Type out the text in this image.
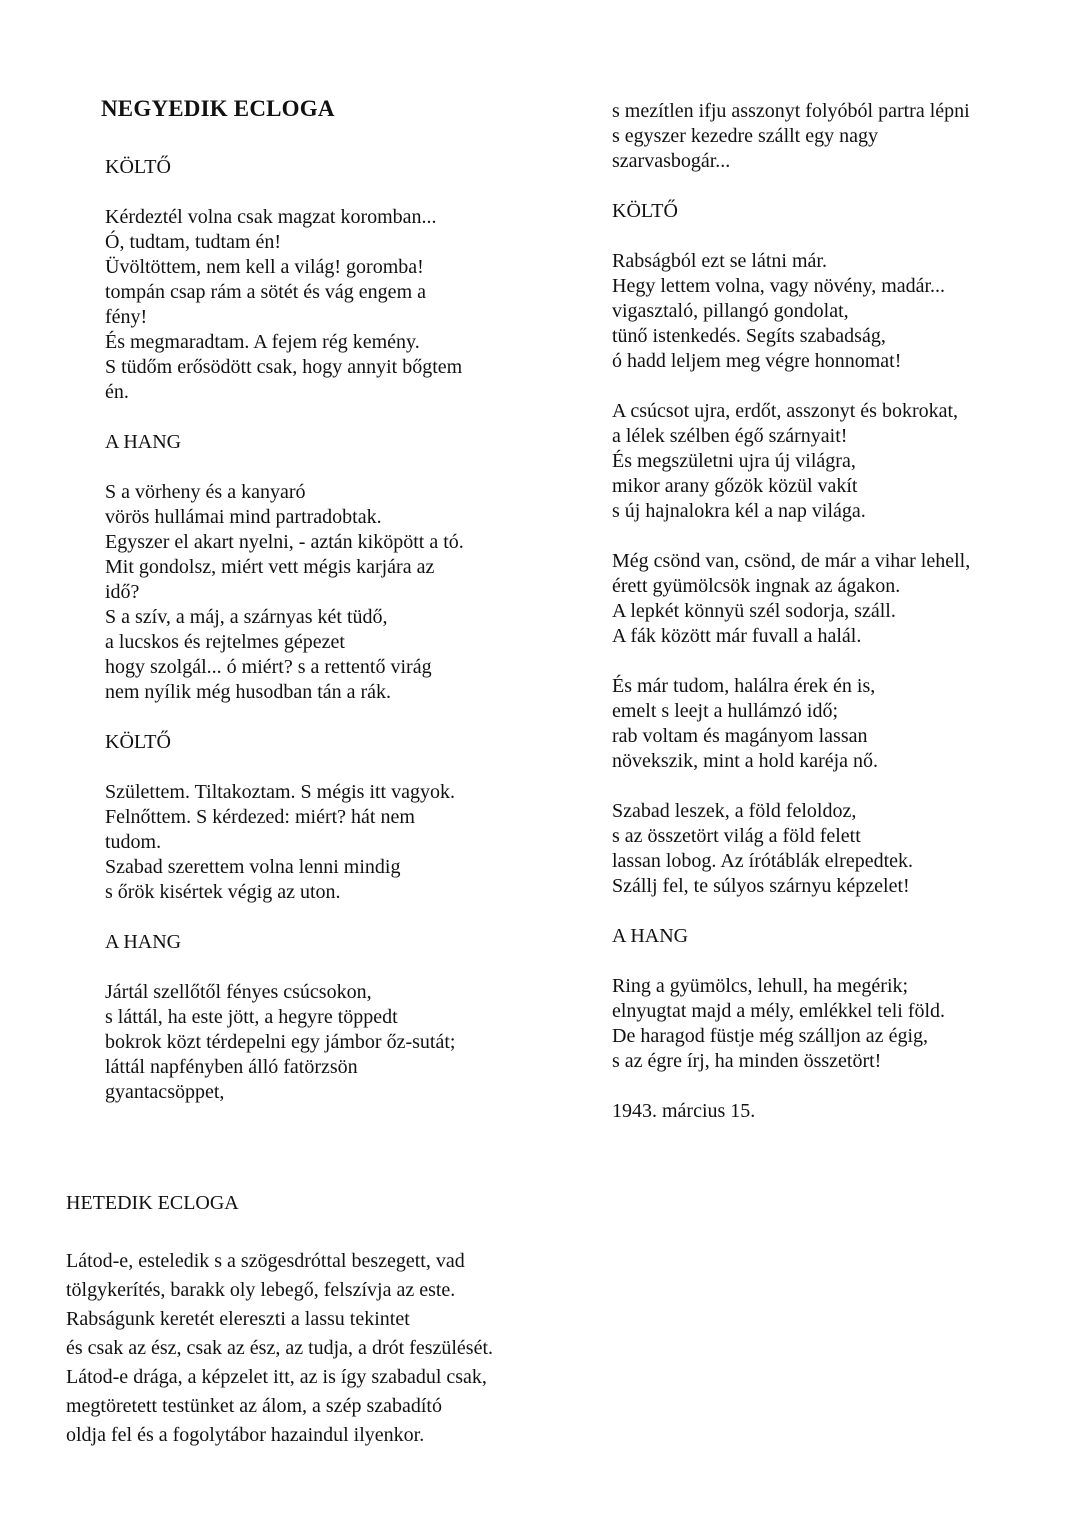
NEGYEDIK ECLOGA

KÖLTŐ

Kérdeztél volna csak magzat koromban...
Ó, tudtam, tudtam én!
Üvöltöttem, nem kell a világ! goromba!
tompán csap rám a sötét és vág engem a
fény!
És megmaradtam. A fejem rég kemény.
S tüdőm erősödött csak, hogy annyit bőgtem
én.

A HANG

S a vörheny és a kanyaró
vörös hullámai mind partradobtak.
Egyszer el akart nyelni, - aztán kiköpött a tó.
Mit gondolsz, miért vett mégis karjára az
idő?
S a szív, a máj, a szárnyas két tüdő,
a lucskos és rejtelmes gépezet
hogy szolgál... ó miért? s a rettentő virág
nem nyílik még husodban tán a rák.

KÖLTŐ

Születtem. Tiltakoztam. S mégis itt vagyok.
Felnőttem. S kérdezed: miért? hát nem
tudom.
Szabad szerettem volna lenni mindig
s őrök kisértek végig az uton.

A HANG

Jártál szellőtől fényes csúcsokon,
s láttál, ha este jött, a hegyre töppedt
bokrok közt térdepelni egy jámbor őz-sutát;
láttál napfényben álló fatörzsön
gyantacsöppet,
s mezítlen ifju asszonyt folyóból partra lépni
s egyszer kezedre szállt egy nagy
szarvasbogár...

KÖLTŐ

Rabságból ezt se látni már.
Hegy lettem volna, vagy növény, madár...
vigasztaló, pillangó gondolat,
tünő istenkedés. Segíts szabadság,
ó hadd leljem meg végre honnomat!
A csúcsot ujra, erdőt, asszonyt és bokrokat,
a lélek szélben égő szárnyait!
És megszületni ujra új világra,
mikor arany gőzök közül vakít
s új hajnalokra kél a nap világa.
Még csönd van, csönd, de már a vihar lehell,
érett gyümölcsök ingnak az ágakon.
A lepkét könnyü szél sodorja, száll.
A fák között már fuvall a halál.
És már tudom, halálra érek én is,
emelt s leejt a hullámzó idő;
rab voltam és magányom lassan
növekszik, mint a hold karéja nő.
Szabad leszek, a föld feloldoz,
s az összetört világ a föld felett
lassan lobog. Az írótáblák elrepedtek.
Szállj fel, te súlyos szárnyu képzelet!

A HANG

Ring a gyümölcs, lehull, ha megérik;
elnyugtat majd a mély, emlékkel teli föld.
De haragod füstje még szálljon az égig,
s az égre írj, ha minden összetört!
1943. március 15.

HETEDIK ECLOGA

Látod-e, esteledik s a szögesdróttal beszegett, vad
tölgykerítés, barakk oly lebegő, felszívja az este.
Rabságunk keretét elereszti a lassu tekintet
és csak az ész, csak az ész, az tudja, a drót feszülését.
Látod-e drága, a képzelet itt, az is így szabadul csak,
megtöretett testünket az álom, a szép szabadító
oldja fel és a fogolytábor hazaindul ilyenkor.
